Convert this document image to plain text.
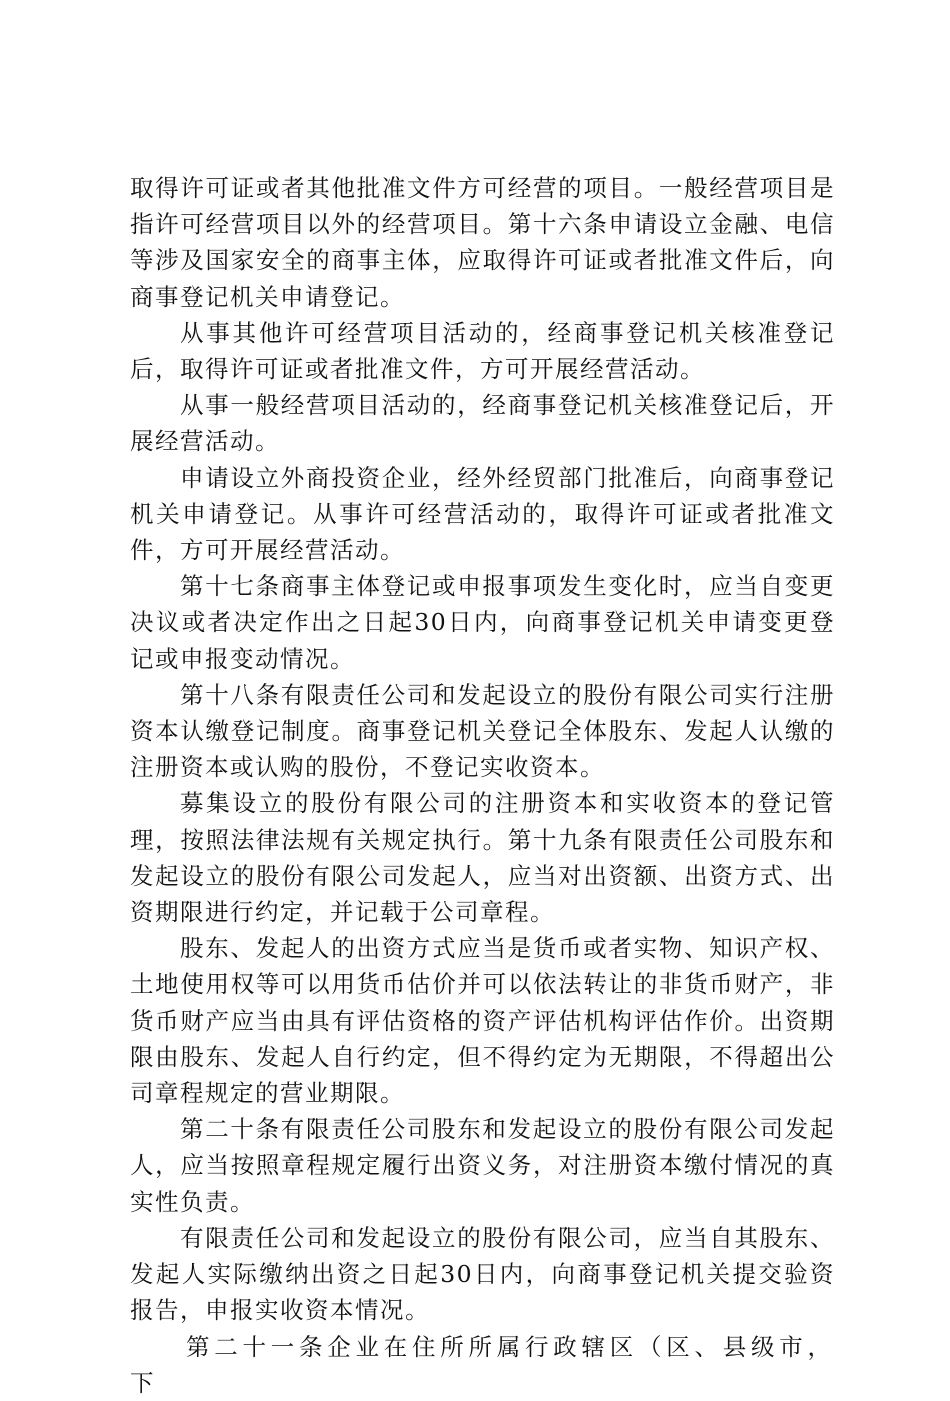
取得许可证或者其他批准文件方可经营的项目。一般经营项目是指许可经营项目以外的经营项目。第十六条申请设立金融、电信等涉及国家安全的商事主体，应取得许可证或者批准文件后，向商事登记机关申请登记。

从事其他许可经营项目活动的，经商事登记机关核准登记后，取得许可证或者批准文件，方可开展经营活动。

从事一般经营项目活动的，经商事登记机关核准登记后，开展经营活动。

申请设立外商投资企业，经外经贸部门批准后，向商事登记机关申请登记。从事许可经营活动的，取得许可证或者批准文件，方可开展经营活动。

第十七条商事主体登记或申报事项发生变化时，应当自变更决议或者决定作出之日起30日内，向商事登记机关申请变更登记或申报变动情况。

第十八条有限责任公司和发起设立的股份有限公司实行注册资本认缴登记制度。商事登记机关登记全体股东、发起人认缴的注册资本或认购的股份，不登记实收资本。

募集设立的股份有限公司的注册资本和实收资本的登记管理，按照法律法规有关规定执行。第十九条有限责任公司股东和发起设立的股份有限公司发起人，应当对出资额、出资方式、出资期限进行约定，并记载于公司章程。

股东、发起人的出资方式应当是货币或者实物、知识产权、土地使用权等可以用货币估价并可以依法转让的非货币财产，非货币财产应当由具有评估资格的资产评估机构评估作价。出资期限由股东、发起人自行约定，但不得约定为无期限，不得超出公司章程规定的营业期限。

第二十条有限责任公司股东和发起设立的股份有限公司发起人，应当按照章程规定履行出资义务，对注册资本缴付情况的真实性负责。

有限责任公司和发起设立的股份有限公司，应当自其股东、发起人实际缴纳出资之日起30日内，向商事登记机关提交验资报告，申报实收资本情况。

第二十一条企业在住所所属行政辖区（区、县级市，下
